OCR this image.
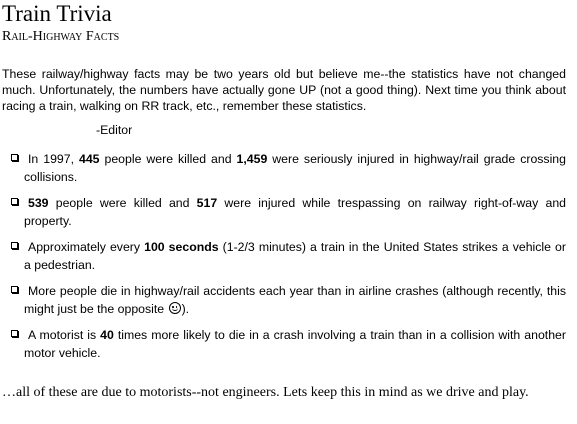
Train Trivia
Rail-Highway Facts
These railway/highway facts may be two years old but believe me--the statistics have not changed much. Unfortunately, the numbers have actually gone UP (not a good thing). Next time you think about racing a train, walking on RR track, etc., remember these statistics.
-Editor
In 1997, 445 people were killed and 1,459 were seriously injured in highway/rail grade crossing collisions.
539 people were killed and 517 were injured while trespassing on railway right-of-way and property.
Approximately every 100 seconds (1-2/3 minutes) a train in the United States strikes a vehicle or a pedestrian.
More people die in highway/rail accidents each year than in airline crashes (although recently, this might just be the opposite
).
A motorist is 40 times more likely to die in a crash involving a train than in a collision with another motor vehicle.
…all of these are due to motorists--not engineers. Lets keep this in mind as we drive and play.
